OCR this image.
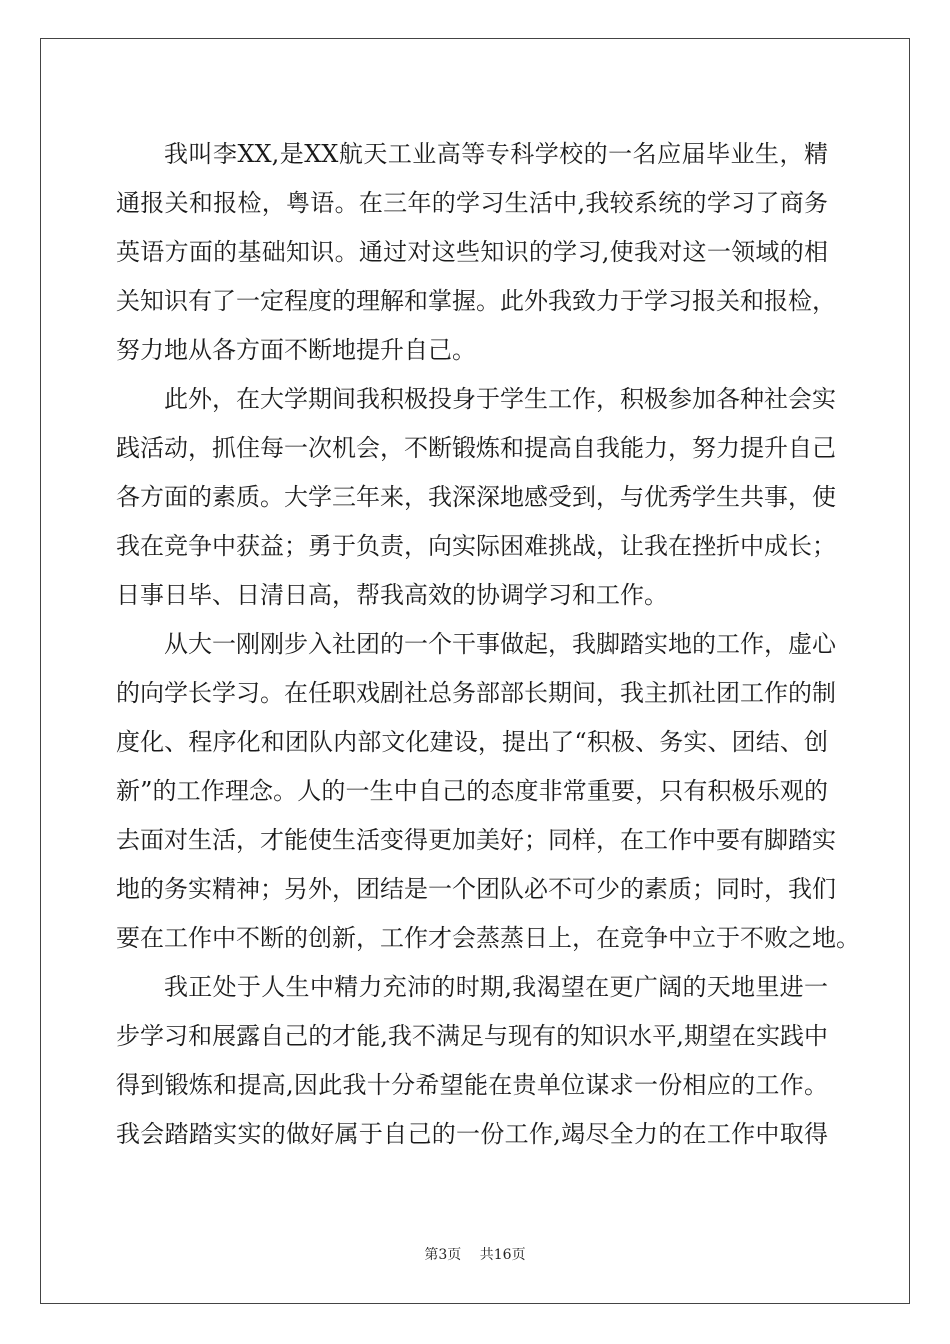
我叫李XX,是XX航天工业高等专科学校的一名应届毕业生，精
通报关和报检，粤语。在三年的学习生活中,我较系统的学习了商务
英语方面的基础知识。通过对这些知识的学习,使我对这一领域的相
关知识有了一定程度的理解和掌握。此外我致力于学习报关和报检，
努力地从各方面不断地提升自己。
此外，在大学期间我积极投身于学生工作，积极参加各种社会实
践活动，抓住每一次机会，不断锻炼和提高自我能力，努力提升自己
各方面的素质。大学三年来，我深深地感受到，与优秀学生共事，使
我在竞争中获益；勇于负责，向实际困难挑战，让我在挫折中成长；
日事日毕、日清日高，帮我高效的协调学习和工作。
从大一刚刚步入社团的一个干事做起，我脚踏实地的工作，虚心
的向学长学习。在任职戏剧社总务部部长期间，我主抓社团工作的制
度化、程序化和团队内部文化建设，提出了“积极、务实、团结、创
新”的工作理念。人的一生中自己的态度非常重要，只有积极乐观的
去面对生活，才能使生活变得更加美好；同样，在工作中要有脚踏实
地的务实精神；另外，团结是一个团队必不可少的素质；同时，我们
要在工作中不断的创新，工作才会蒸蒸日上，在竞争中立于不败之地。
我正处于人生中精力充沛的时期,我渴望在更广阔的天地里进一
步学习和展露自己的才能,我不满足与现有的知识水平,期望在实践中
得到锻炼和提高,因此我十分希望能在贵单位谋求一份相应的工作。
我会踏踏实实的做好属于自己的一份工作,竭尽全力的在工作中取得
第3页 共16页
